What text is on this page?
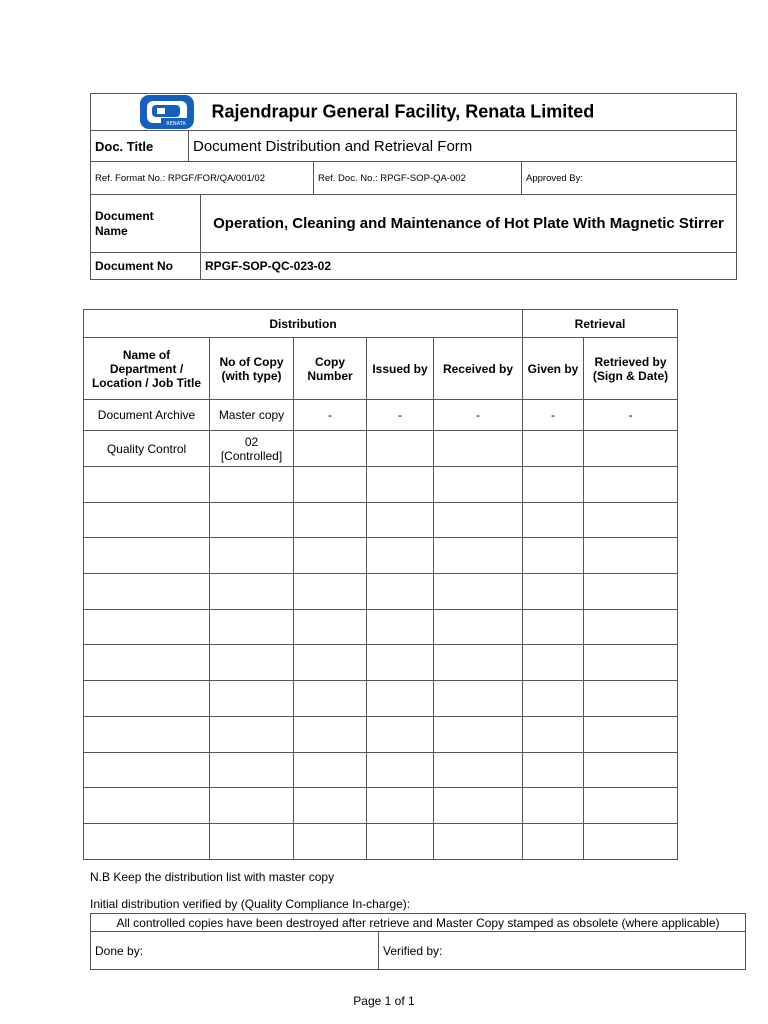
RENATA
Rajendrapur General Facility, Renata Limited				
Doc. Title	Document Distribution and Retrieval Form			
Ref. Format No.: RPGF/FOR/QA/001/02			Ref. Doc. No.: RPGF-SOP-QA-002	Approved By:
Document
Name		Operation, Cleaning and Maintenance of Hot Plate With Magnetic Stirrer		
Document No		RPGF-SOP-QC-023-02		
Distribution					Retrieval	
Name of Department / Location / Job Title	No of Copy (with type)	Copy Number	Issued by	Received by	Given by	Retrieved by (Sign & Date)
Document Archive	Master copy	-	-	-	-	-
Quality Control	02
[Controlled]					

N.B Keep the distribution list with master copy
Initial distribution verified by (Quality Compliance In-charge):
All controlled copies have been destroyed after retrieve and Master Copy stamped as obsolete (where applicable)
Done by:	Verified by:
Page 1 of 1
